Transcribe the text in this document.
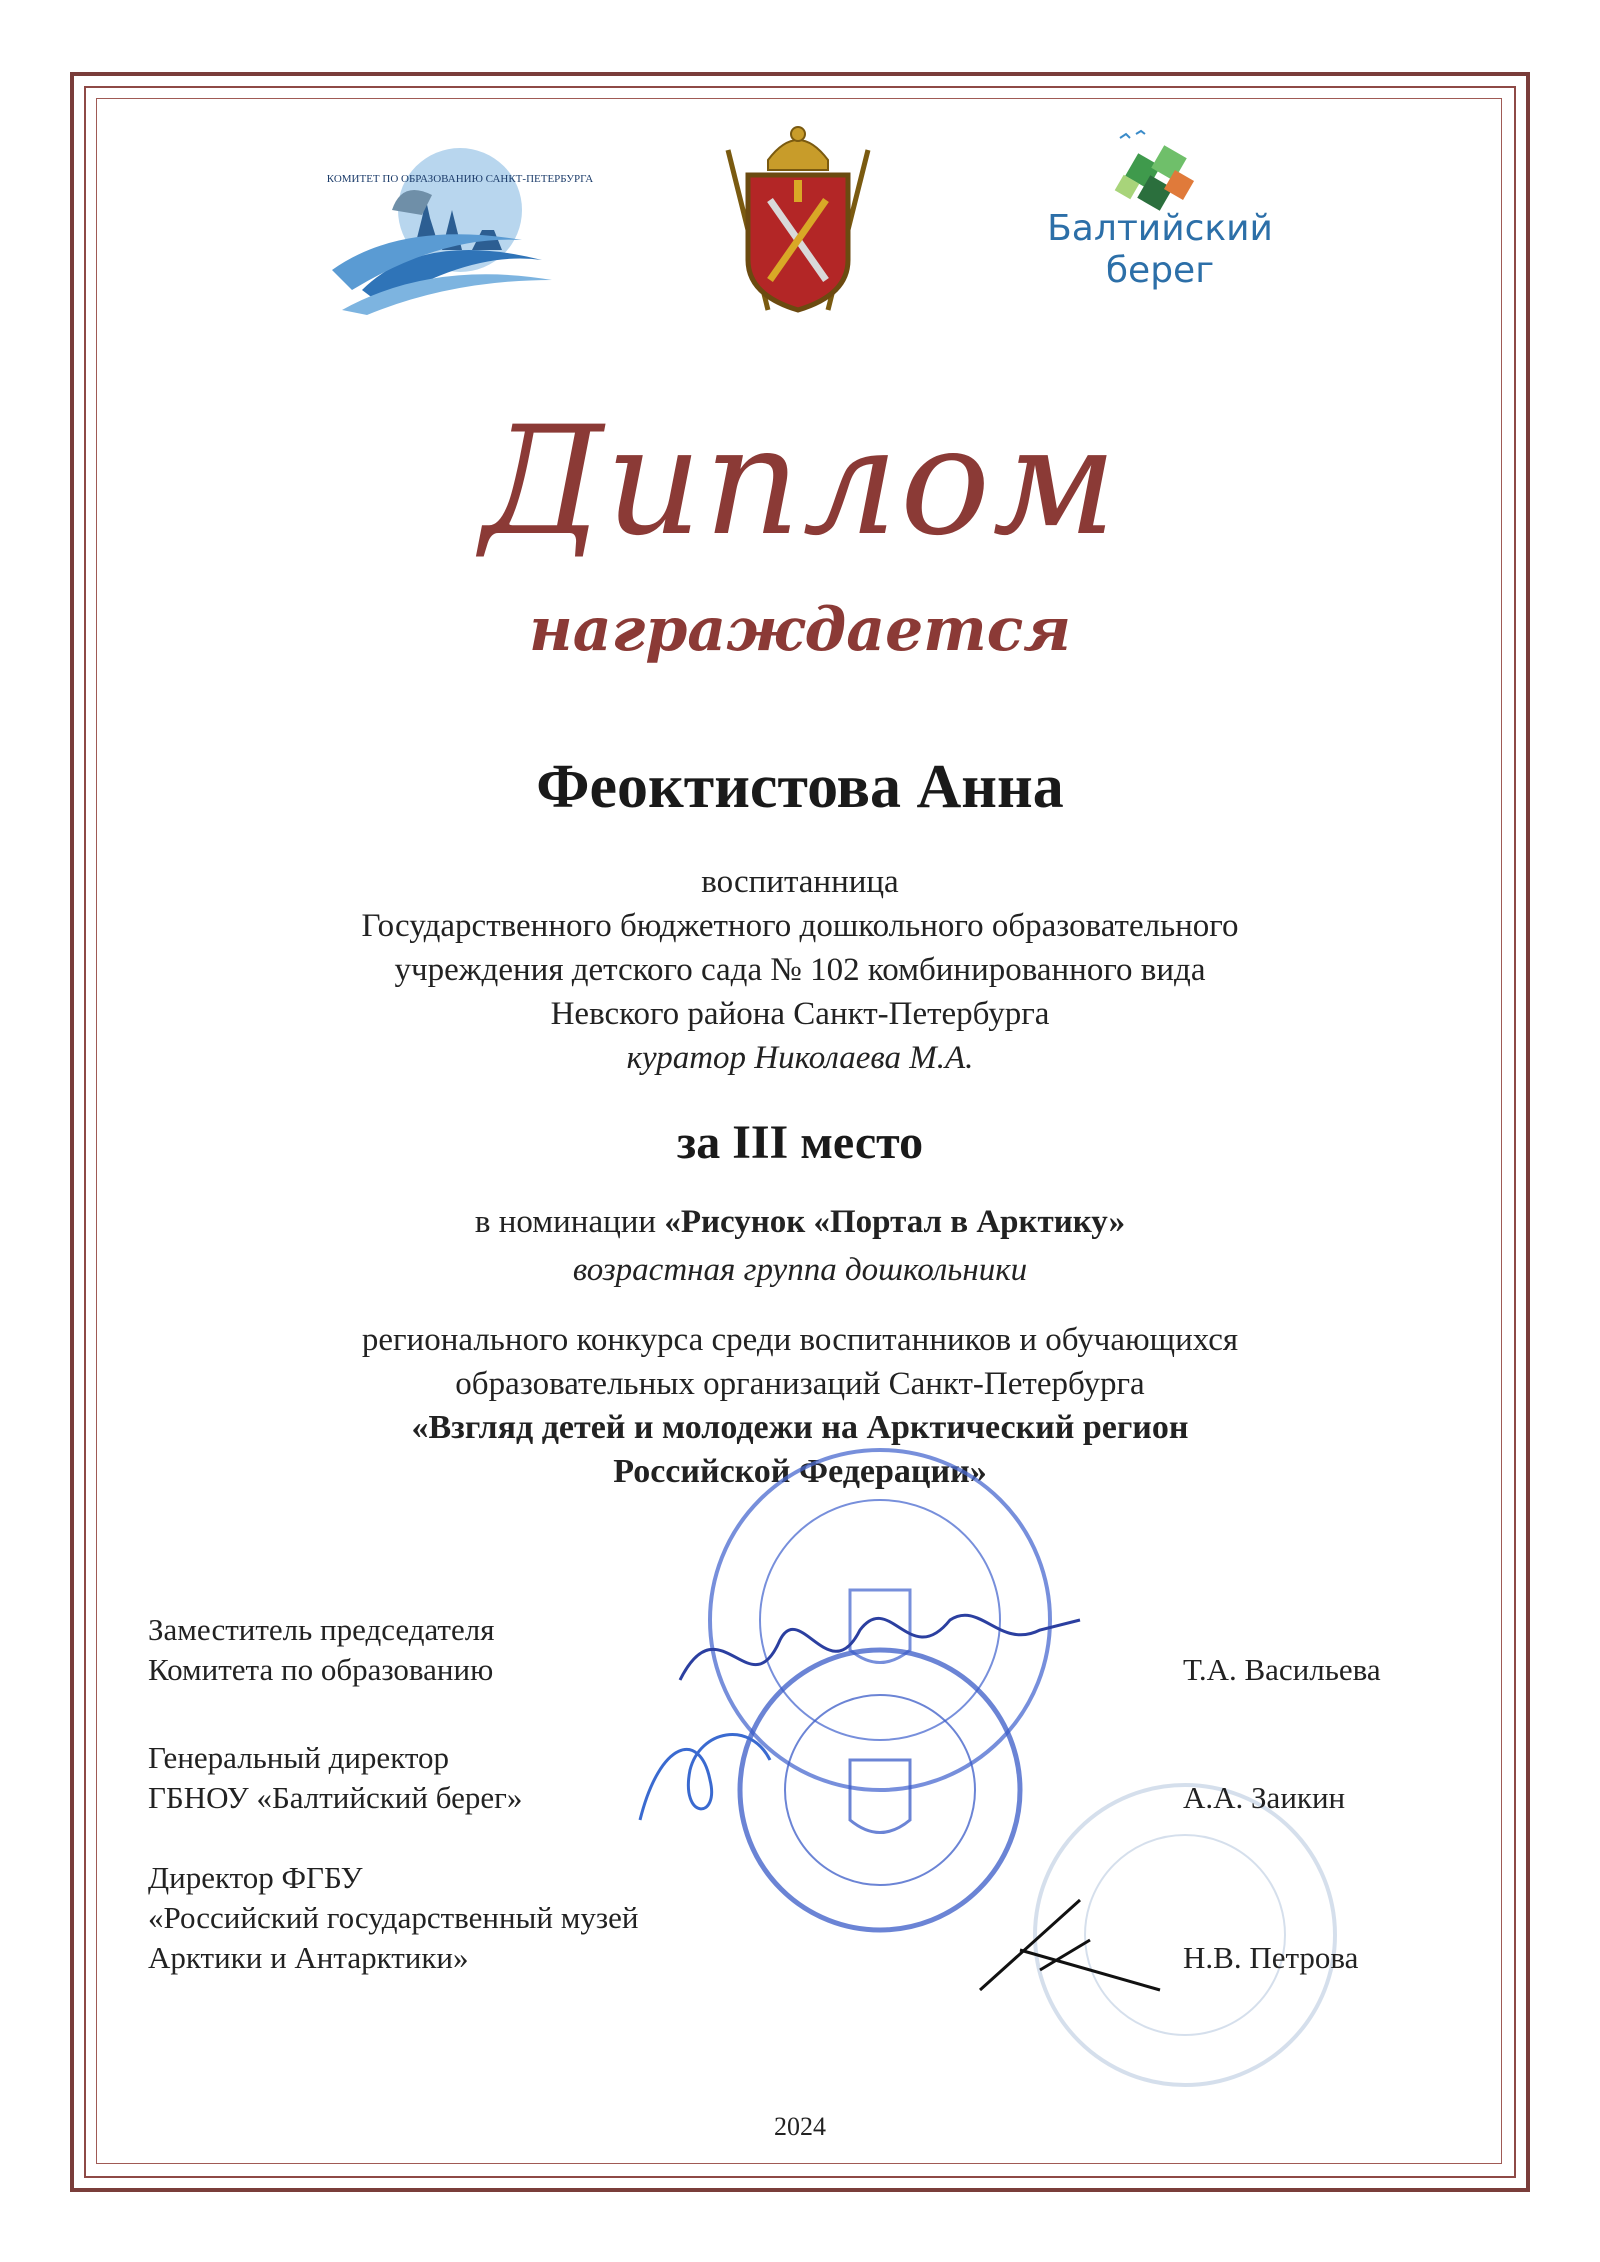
КОМИТЕТ ПО ОБРАЗОВАНИЮ САНКТ-ПЕТЕРБУРГА
Балтийский
берег
Диплом
награждается
Феоктистова Анна
воспитанница
Государственного бюджетного дошкольного образовательного
учреждения детского сада № 102 комбинированного вида
Невского района Санкт-Петербурга
куратор Николаева М.А.
за III место
в номинации «Рисунок «Портал в Арктику»
возрастная группа дошкольники
регионального конкурса среди воспитанников и обучающихся
образовательных организаций Санкт-Петербурга
«Взгляд детей и молодежи на Арктический регион
Российской Федерации»
Заместитель председателя
Комитета по образованию	Т.А. Васильева
Генеральный директор
ГБНОУ «Балтийский берег»	А.А. Заикин
Директор ФГБУ
«Российский государственный музей
Арктики и Антарктики»	Н.В. Петрова
2024
